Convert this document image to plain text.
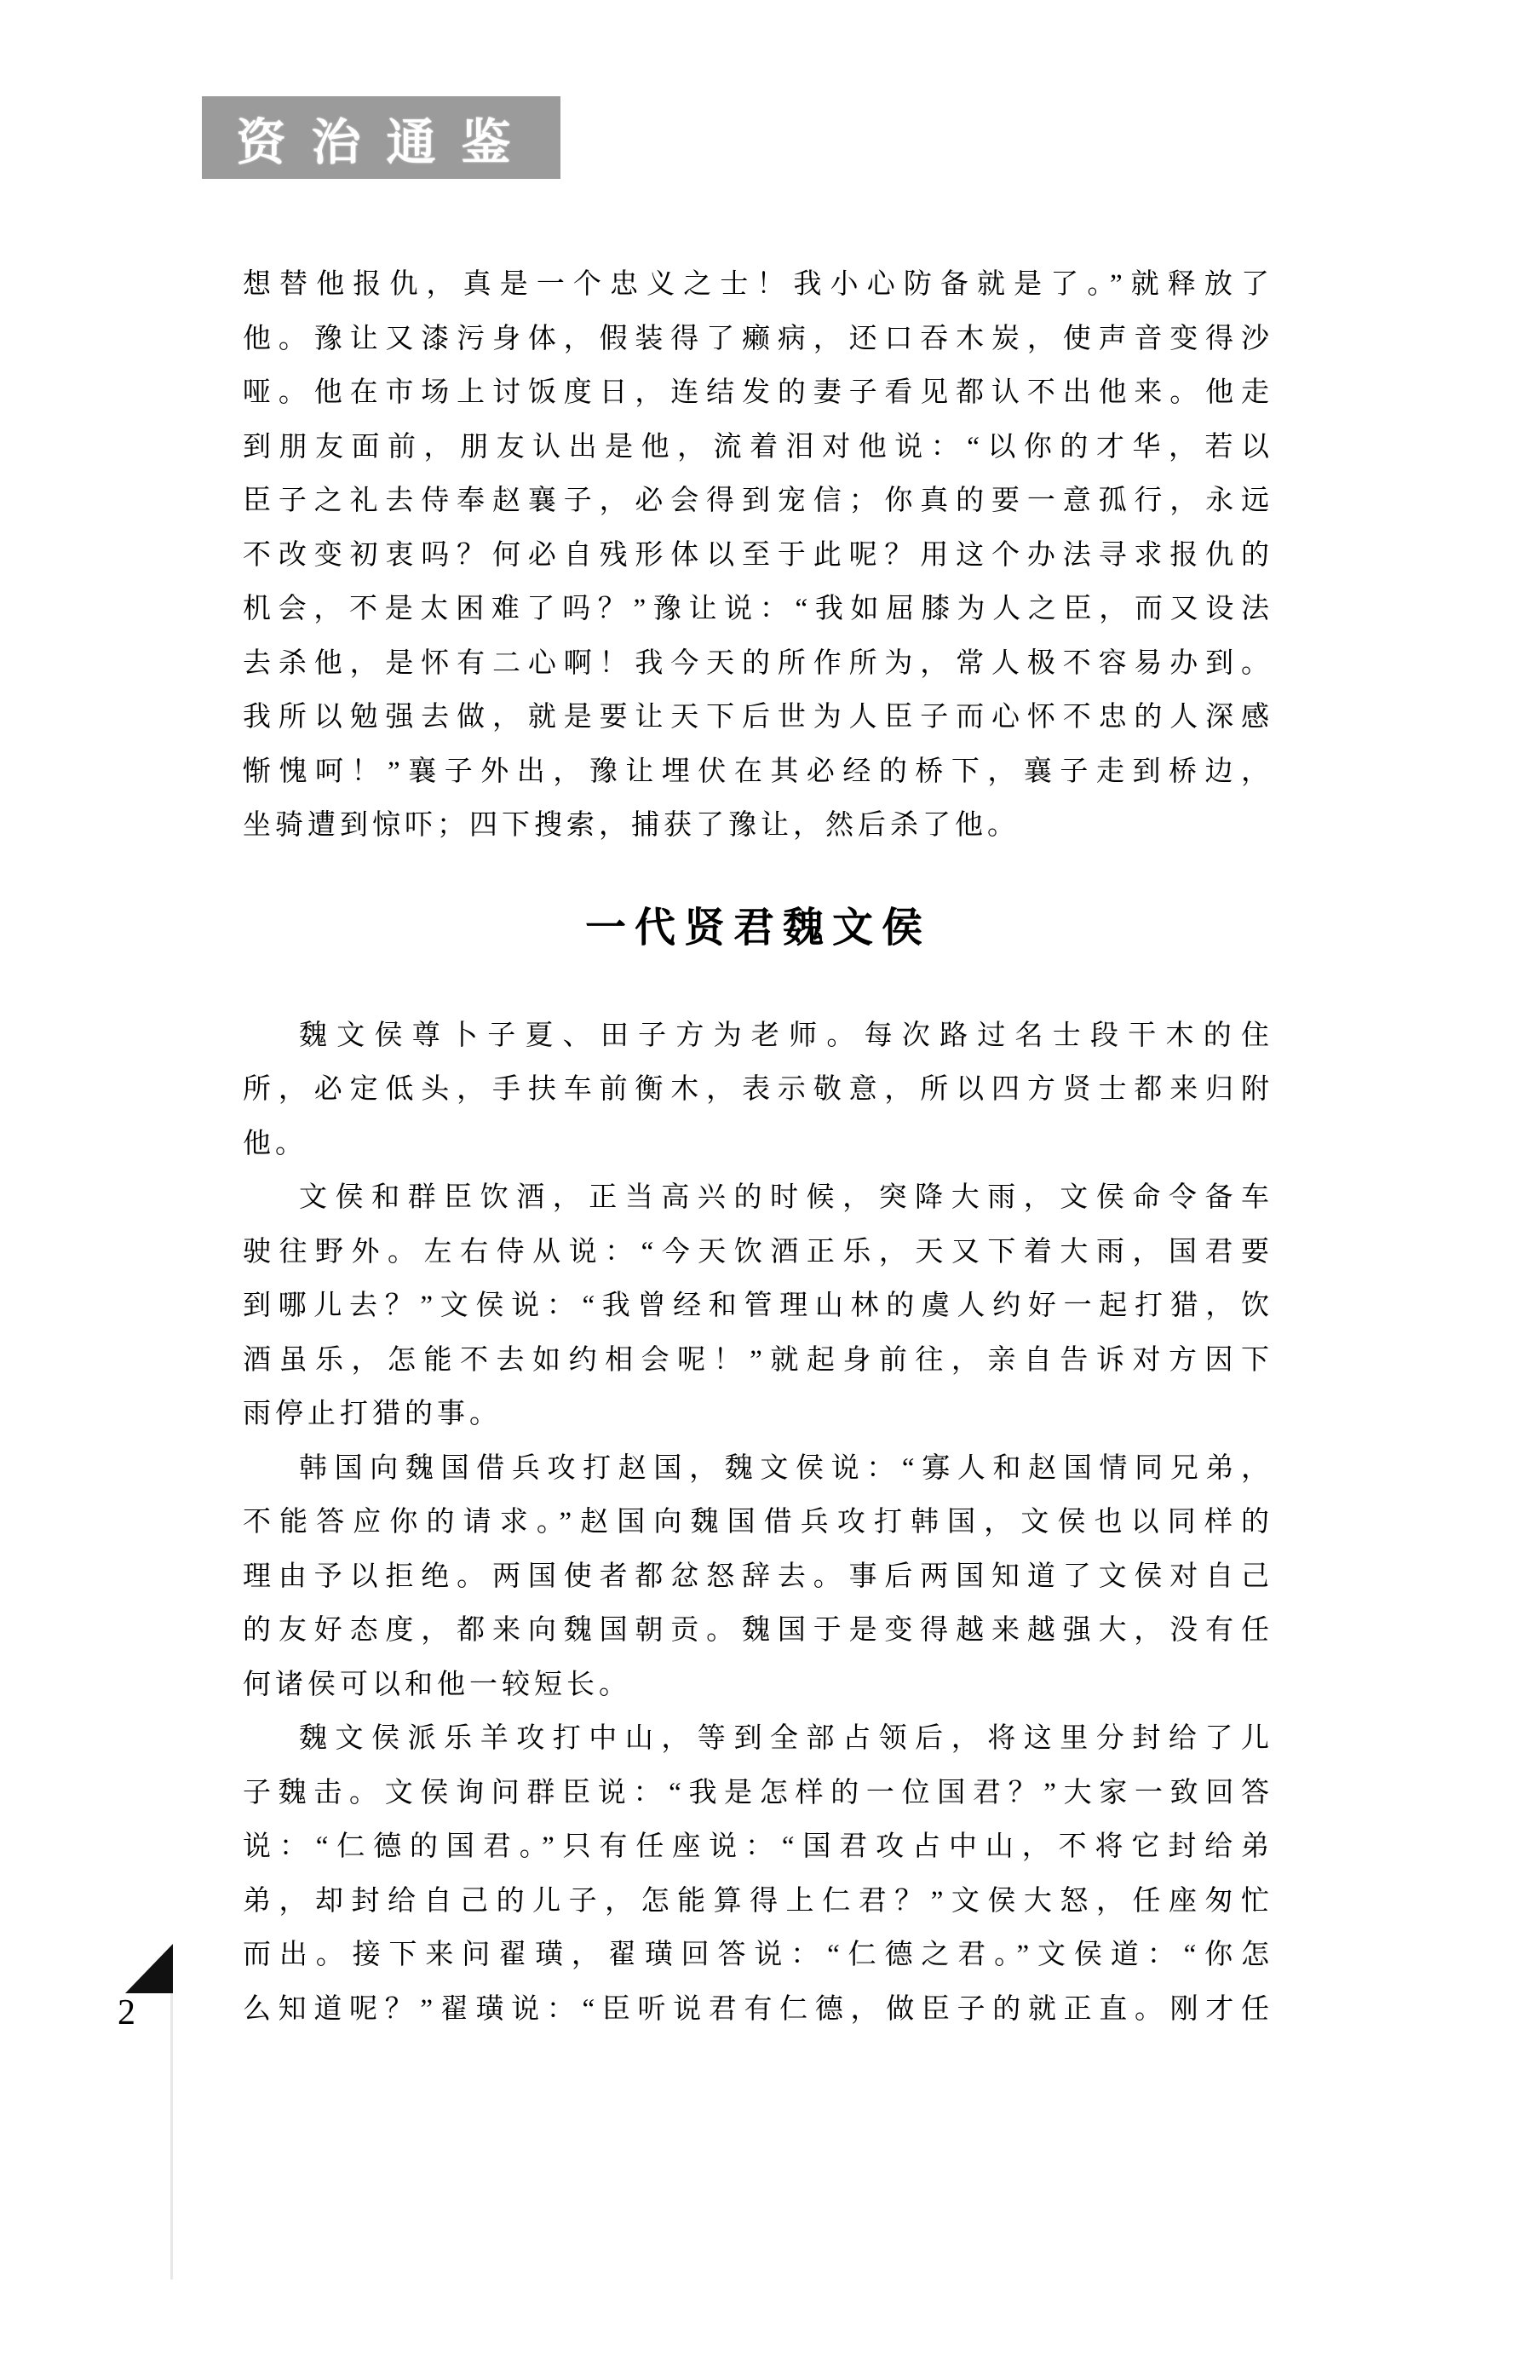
资治通鉴
想替他报仇，真是一个忠义之士！我小心防备就是了。”就释放了
他。豫让又漆污身体，假装得了癞病，还口吞木炭，使声音变得沙
哑。他在市场上讨饭度日，连结发的妻子看见都认不出他来。他走
到朋友面前，朋友认出是他，流着泪对他说：“以你的才华，若以
臣子之礼去侍奉赵襄子，必会得到宠信；你真的要一意孤行，永远
不改变初衷吗？何必自残形体以至于此呢？用这个办法寻求报仇的
机会，不是太困难了吗？”豫让说：“我如屈膝为人之臣，而又设法
去杀他，是怀有二心啊！我今天的所作所为，常人极不容易办到。
我所以勉强去做，就是要让天下后世为人臣子而心怀不忠的人深感
惭愧呵！”襄子外出，豫让埋伏在其必经的桥下，襄子走到桥边，
坐骑遭到惊吓；四下搜索，捕获了豫让，然后杀了他。
一代贤君魏文侯
魏文侯尊卜子夏、田子方为老师。每次路过名士段干木的住
所，必定低头，手扶车前衡木，表示敬意，所以四方贤士都来归附
他。
文侯和群臣饮酒，正当高兴的时候，突降大雨，文侯命令备车
驶往野外。左右侍从说：“今天饮酒正乐，天又下着大雨，国君要
到哪儿去？”文侯说：“我曾经和管理山林的虞人约好一起打猎，饮
酒虽乐，怎能不去如约相会呢！”就起身前往，亲自告诉对方因下
雨停止打猎的事。
韩国向魏国借兵攻打赵国，魏文侯说：“寡人和赵国情同兄弟，
不能答应你的请求。”赵国向魏国借兵攻打韩国，文侯也以同样的
理由予以拒绝。两国使者都忿怒辞去。事后两国知道了文侯对自己
的友好态度，都来向魏国朝贡。魏国于是变得越来越强大，没有任
何诸侯可以和他一较短长。
魏文侯派乐羊攻打中山，等到全部占领后，将这里分封给了儿
子魏击。文侯询问群臣说：“我是怎样的一位国君？”大家一致回答
说：“仁德的国君。”只有任座说：“国君攻占中山，不将它封给弟
弟，却封给自己的儿子，怎能算得上仁君？”文侯大怒，任座匆忙
而出。接下来问翟璜，翟璜回答说：“仁德之君。”文侯道：“你怎
么知道呢？”翟璜说：“臣听说君有仁德，做臣子的就正直。刚才任
2
